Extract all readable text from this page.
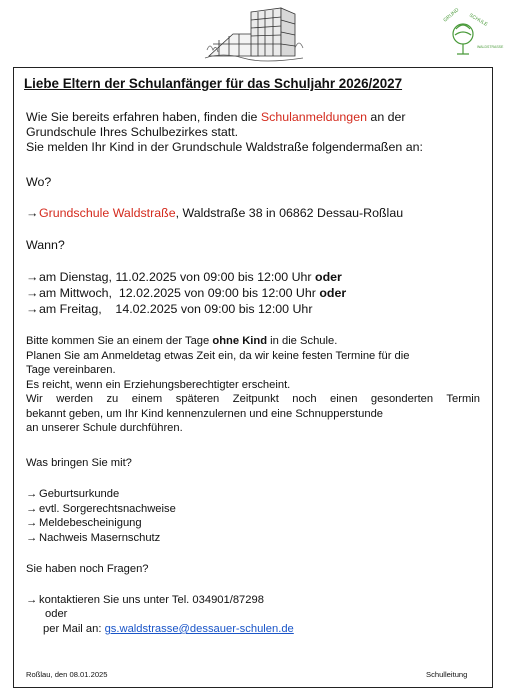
GRUND SCHULE
WALDSTRASSE
Liebe Eltern der Schulanfänger für das Schuljahr 2026/2027
Wie Sie bereits erfahren haben, finden die Schulanmeldungen an der
Grundschule Ihres Schulbezirkes statt.
Sie melden Ihr Kind in der Grundschule Waldstraße folgendermaßen an:
Wo?
→Grundschule Waldstraße, Waldstraße 38 in 06862 Dessau-Roßlau
Wann?
→am Dienstag, 11.02.2025 von 09:00 bis 12:00 Uhr oder
→am Mittwoch,  12.02.2025 von 09:00 bis 12:00 Uhr oder
→am Freitag,    14.02.2025 von 09:00 bis 12:00 Uhr
Bitte kommen Sie an einem der Tage ohne Kind in die Schule.
Planen Sie am Anmeldetag etwas Zeit ein, da wir keine festen Termine für die
Tage vereinbaren.
Es reicht, wenn ein Erziehungsberechtigter erscheint.
Wir werden zu einem späteren Zeitpunkt noch einen gesonderten Termin
bekannt geben, um Ihr Kind kennenzulernen und eine Schnupperstunde
an unserer Schule durchführen.
Was bringen Sie mit?
→ Geburtsurkunde
→ evtl. Sorgerechtsnachweise
→ Meldebescheinigung
→ Nachweis Masernschutz
Sie haben noch Fragen?
→ kontaktieren Sie uns unter Tel. 034901/87298
oder
per Mail an: gs.waldstrasse@dessauer-schulen.de
Roßlau, den 08.01.2025	Schulleitung
